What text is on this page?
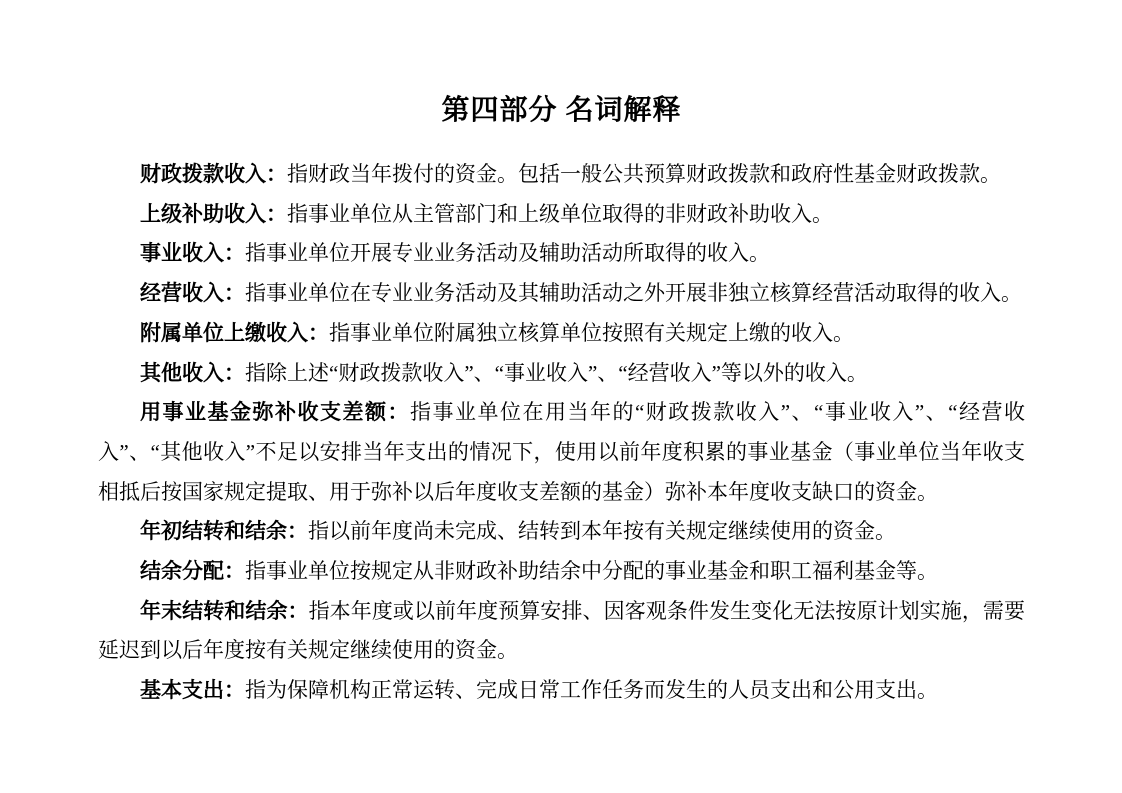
第四部分 名词解释

财政拨款收入：指财政当年拨付的资金。包括一般公共预算财政拨款和政府性基金财政拨款。

上级补助收入：指事业单位从主管部门和上级单位取得的非财政补助收入。

事业收入：指事业单位开展专业业务活动及辅助活动所取得的收入。

经营收入：指事业单位在专业业务活动及其辅助活动之外开展非独立核算经营活动取得的收入。

附属单位上缴收入：指事业单位附属独立核算单位按照有关规定上缴的收入。

其他收入：指除上述“财政拨款收入”、“事业收入”、“经营收入”等以外的收入。

用事业基金弥补收支差额：指事业单位在用当年的“财政拨款收入”、“事业收入”、“经营收入”、“其他收入”不足以安排当年支出的情况下，使用以前年度积累的事业基金（事业单位当年收支相抵后按国家规定提取、用于弥补以后年度收支差额的基金）弥补本年度收支缺口的资金。

年初结转和结余：指以前年度尚未完成、结转到本年按有关规定继续使用的资金。

结余分配：指事业单位按规定从非财政补助结余中分配的事业基金和职工福利基金等。

年末结转和结余：指本年度或以前年度预算安排、因客观条件发生变化无法按原计划实施，需要延迟到以后年度按有关规定继续使用的资金。

基本支出：指为保障机构正常运转、完成日常工作任务而发生的人员支出和公用支出。
